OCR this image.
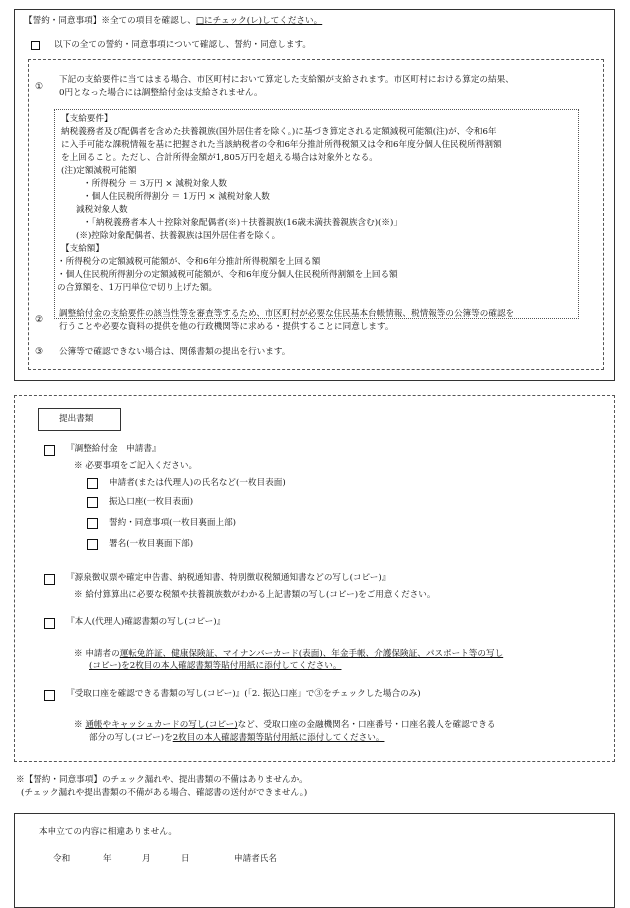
【誓約・同意事項】※全ての項目を確認し、□にチェック(レ)してください。
以下の全ての誓約・同意事項について確認し、誓約・同意します。
①
下記の支給要件に当てはまる場合、市区町村において算定した支給額が支給されます。市区町村における算定の結果、
0円となった場合には調整給付金は支給されません。
【支給要件】
納税義務者及び配偶者を含めた扶養親族(国外居住者を除く。)に基づき算定される定額減税可能額(注)が、令和6年
に入手可能な課税情報を基に把握された当該納税者の令和6年分推計所得税額又は令和6年度分個人住民税所得割額
を上回ること。ただし、合計所得金額が1,805万円を超える場合は対象外となる。
(注)定額減税可能額
・所得税分 ＝ 3万円 × 減税対象人数
・個人住民税所得割分 ＝ 1万円 × 減税対象人数
減税対象人数
・「納税義務者本人＋控除対象配偶者(※)＋扶養親族(16歳未満扶養親族含む)(※)」
(※)控除対象配偶者、扶養親族は国外居住者を除く。
【支給額】
・所得税分の定額減税可能額が、令和6年分推計所得税額を上回る額
・個人住民税所得割分の定額減税可能額が、令和6年度分個人住民税所得割額を上回る額
の合算額を、1万円単位で切り上げた額。
②
調整給付金の支給要件の該当性等を審査等するため、市区町村が必要な住民基本台帳情報、税情報等の公簿等の確認を
行うことや必要な資料の提供を他の行政機関等に求める・提供することに同意します。
③ 公簿等で確認できない場合は、関係書類の提出を行います。
提出書類
『調整給付金　申請書』
※ 必要事項をご記入ください。
申請者(または代理人)の氏名など(一枚目表面)
振込口座(一枚目表面)
誓約・同意事項(一枚目裏面上部)
署名(一枚目裏面下部)
『源泉徴収票や確定申告書、納税通知書、特別徴収税額通知書などの写し(コピー)』
※ 給付算算出に必要な税額や扶養親族数がわかる上記書類の写し(コピー)をご用意ください。
『本人(代理人)確認書類の写し(コピー)』
※ 申請者の運転免許証、健康保険証、マイナンバーカード(表面)、年金手帳、介護保険証、パスポート等の写し
(コピー)を2枚目の本人確認書類等貼付用紙に添付してください。
『受取口座を確認できる書類の写し(コピー)』(「2. 振込口座」で③をチェックした場合のみ)
※ 通帳やキャッシュカードの写し(コピー)など、受取口座の金融機関名・口座番号・口座名義人を確認できる
部分の写し(コピー)を2枚目の本人確認書類等貼付用紙に添付してください。
※【誓約・同意事項】のチェック漏れや、提出書類の不備はありませんか。
(チェック漏れや提出書類の不備がある場合、確認書の送付ができません。)
本申立ての内容に相違ありません。
令和	年	月	日	申請者氏名
